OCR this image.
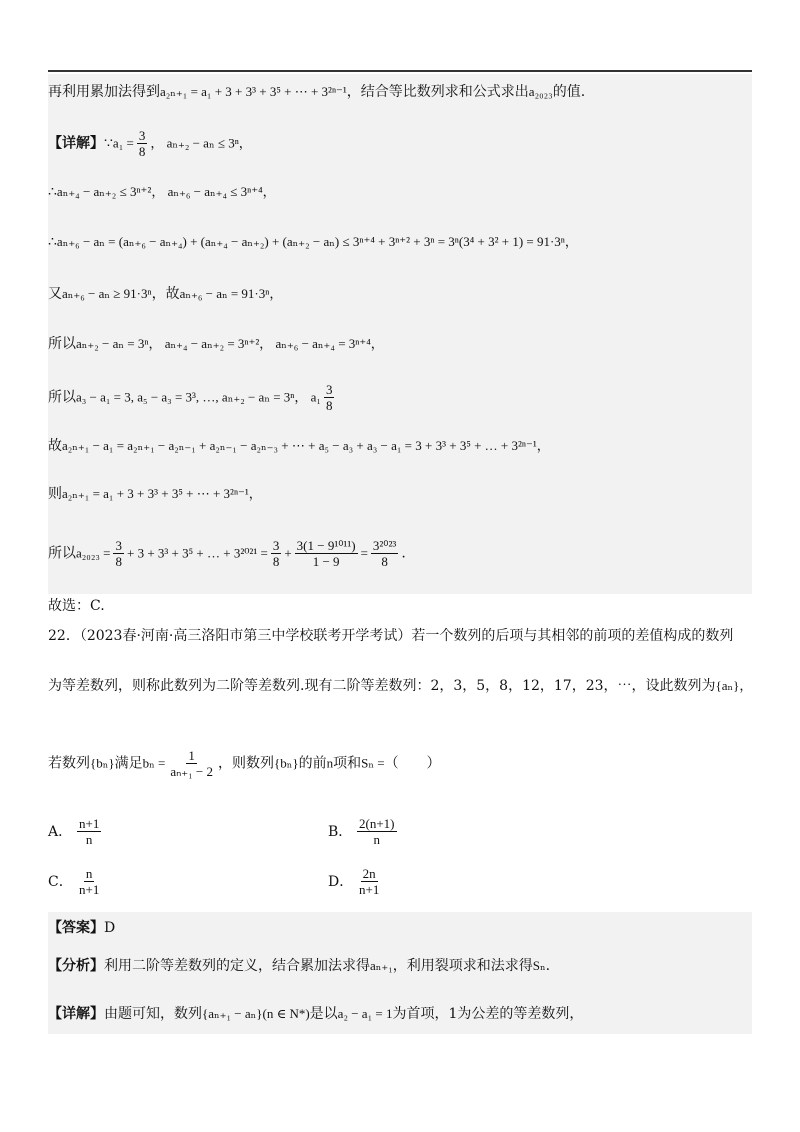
再利用累加法得到a₂ₙ₊₁ = a₁ + 3 + 3³ + 3⁵ + ⋯ + 3²ⁿ⁻¹，结合等比数列求和公式求出a₂₀₂₃的值.
【详解】∵a₁ = $\frac{3}{8}$ ， aₙ₊₂ − aₙ ≤ 3ⁿ，
∴aₙ₊₄ − aₙ₊₂ ≤ 3ⁿ⁺²， aₙ₊₆ − aₙ₊₄ ≤ 3ⁿ⁺⁴，
∴aₙ₊₆ − aₙ = (aₙ₊₆ − aₙ₊₄) + (aₙ₊₄ − aₙ₊₂) + (aₙ₊₂ − aₙ) ≤ 3ⁿ⁺⁴ + 3ⁿ⁺² + 3ⁿ = 3ⁿ(3⁴ + 3² + 1) = 91·3ⁿ，
又aₙ₊₆ − aₙ ≥ 91·3ⁿ，故aₙ₊₆ − aₙ = 91·3ⁿ，
所以aₙ₊₂ − aₙ = 3ⁿ， aₙ₊₄ − aₙ₊₂ = 3ⁿ⁺²， aₙ₊₆ − aₙ₊₄ = 3ⁿ⁺⁴，
所以a₃ − a₁ = 3, a₅ − a₃ = 3³, …, aₙ₊₂ − aₙ = 3ⁿ， $a_1 \frac{3}{8}$
故a₂ₙ₊₁ − a₁ = a₂ₙ₊₁ − a₂ₙ₋₁ + a₂ₙ₋₁ − a₂ₙ₋₃ + ⋯ + a₅ − a₃ + a₃ − a₁ = 3 + 3³ + 3⁵ + … + 3²ⁿ⁻¹，
则a₂ₙ₊₁ = a₁ + 3 + 3³ + 3⁵ + ⋯ + 3²ⁿ⁻¹，
所以$a_{2023} = \frac{3}{8} + 3 + 3^3 + 3^5$ + … + $3^{2021} = \frac{3}{8} + \frac{\text{3(1 − 9¹⁰¹¹)}}{1 - 9} = \frac{\text{3²⁰²³}}{8}$ .
故选：C.
22．（2023春·河南·高三洛阳市第三中学校联考开学考试）若一个数列的后项与其相邻的前项的差值构成的数列
为等差数列，则称此数列为二阶等差数列.现有二阶等差数列：2，3，5，8，12，17，23，⋯，设此数列为{aₙ}，
若数列{bₙ}满足$b_n = \frac{1}{\text{aₙ₊₁ − 2}}$ ，则数列{bₙ}的前n项和Sₙ =（　　）
A． $\frac{n+1}{n}$	B． $\frac{2(n+1)}{n}$
C． $\frac{n}{n+1}$	D． $\frac{2n}{n+1}$
【答案】D
【分析】利用二阶等差数列的定义，结合累加法求得aₙ₊₁，利用裂项求和法求得Sₙ.
【详解】由题可知，数列{aₙ₊₁ − aₙ}(n ∈ N*)是以a₂ − a₁ = 1为首项，1为公差的等差数列，
